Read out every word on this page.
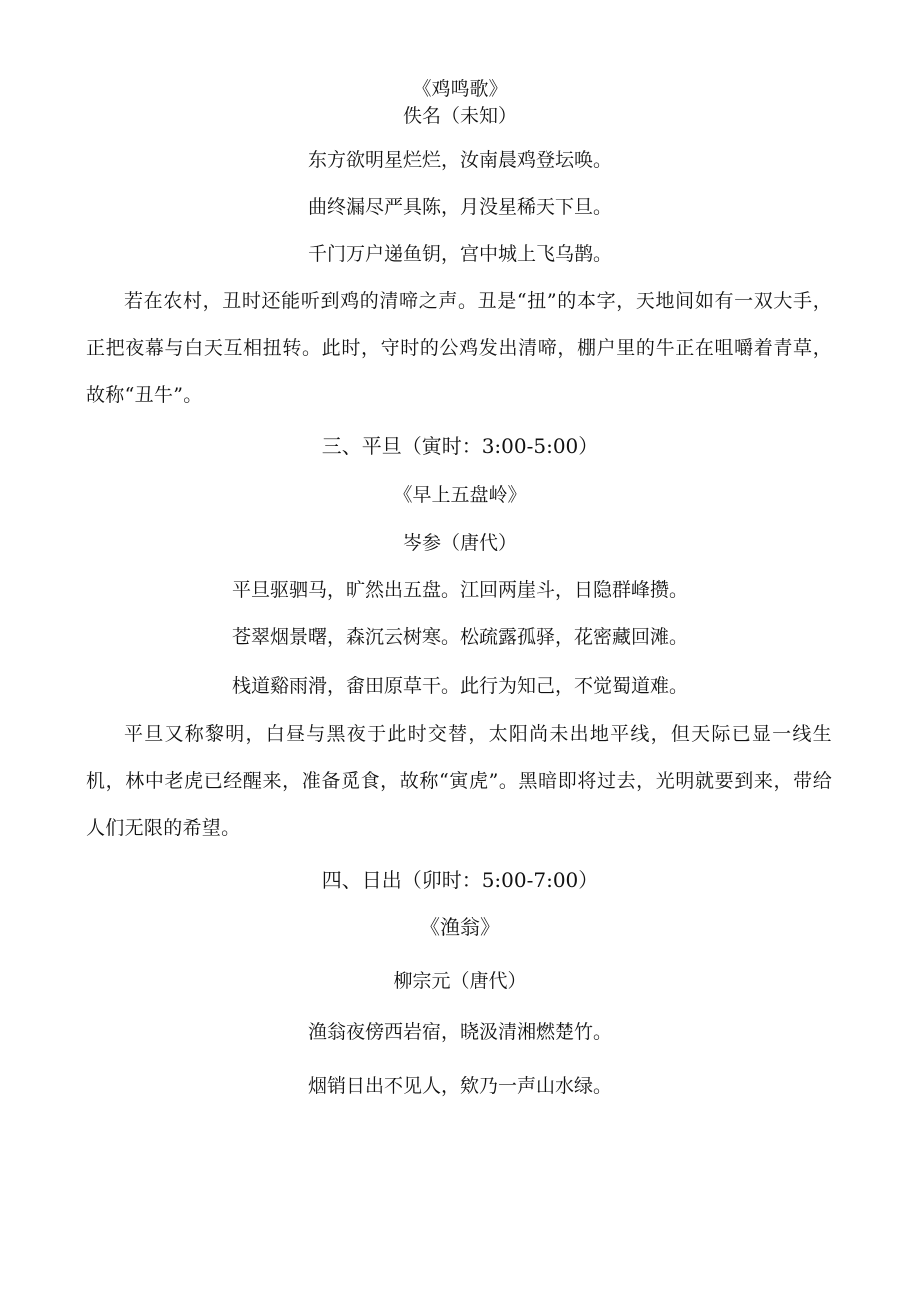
《鸡鸣歌》
佚名（未知）
东方欲明星烂烂，汝南晨鸡登坛唤。
曲终漏尽严具陈，月没星稀天下旦。
千门万户递鱼钥，宫中城上飞乌鹊。
若在农村，丑时还能听到鸡的清啼之声。丑是“扭”的本字，天地间如有一双大手，正把夜幕与白天互相扭转。此时，守时的公鸡发出清啼，棚户里的牛正在咀嚼着青草，故称“丑牛”。
三、平旦（寅时：3:00-5:00）
《早上五盘岭》
岑参（唐代）
平旦驱驷马，旷然出五盘。江回两崖斗，日隐群峰攒。
苍翠烟景曙，森沉云树寒。松疏露孤驿，花密藏回滩。
栈道谿雨滑，畬田原草干。此行为知己，不觉蜀道难。
平旦又称黎明，白昼与黑夜于此时交替，太阳尚未出地平线，但天际已显一线生机，林中老虎已经醒来，准备觅食，故称“寅虎”。黑暗即将过去，光明就要到来，带给人们无限的希望。
四、日出（卯时：5:00-7:00）
《渔翁》
柳宗元（唐代）
渔翁夜傍西岩宿，晓汲清湘燃楚竹。
烟销日出不见人，欸乃一声山水绿。
